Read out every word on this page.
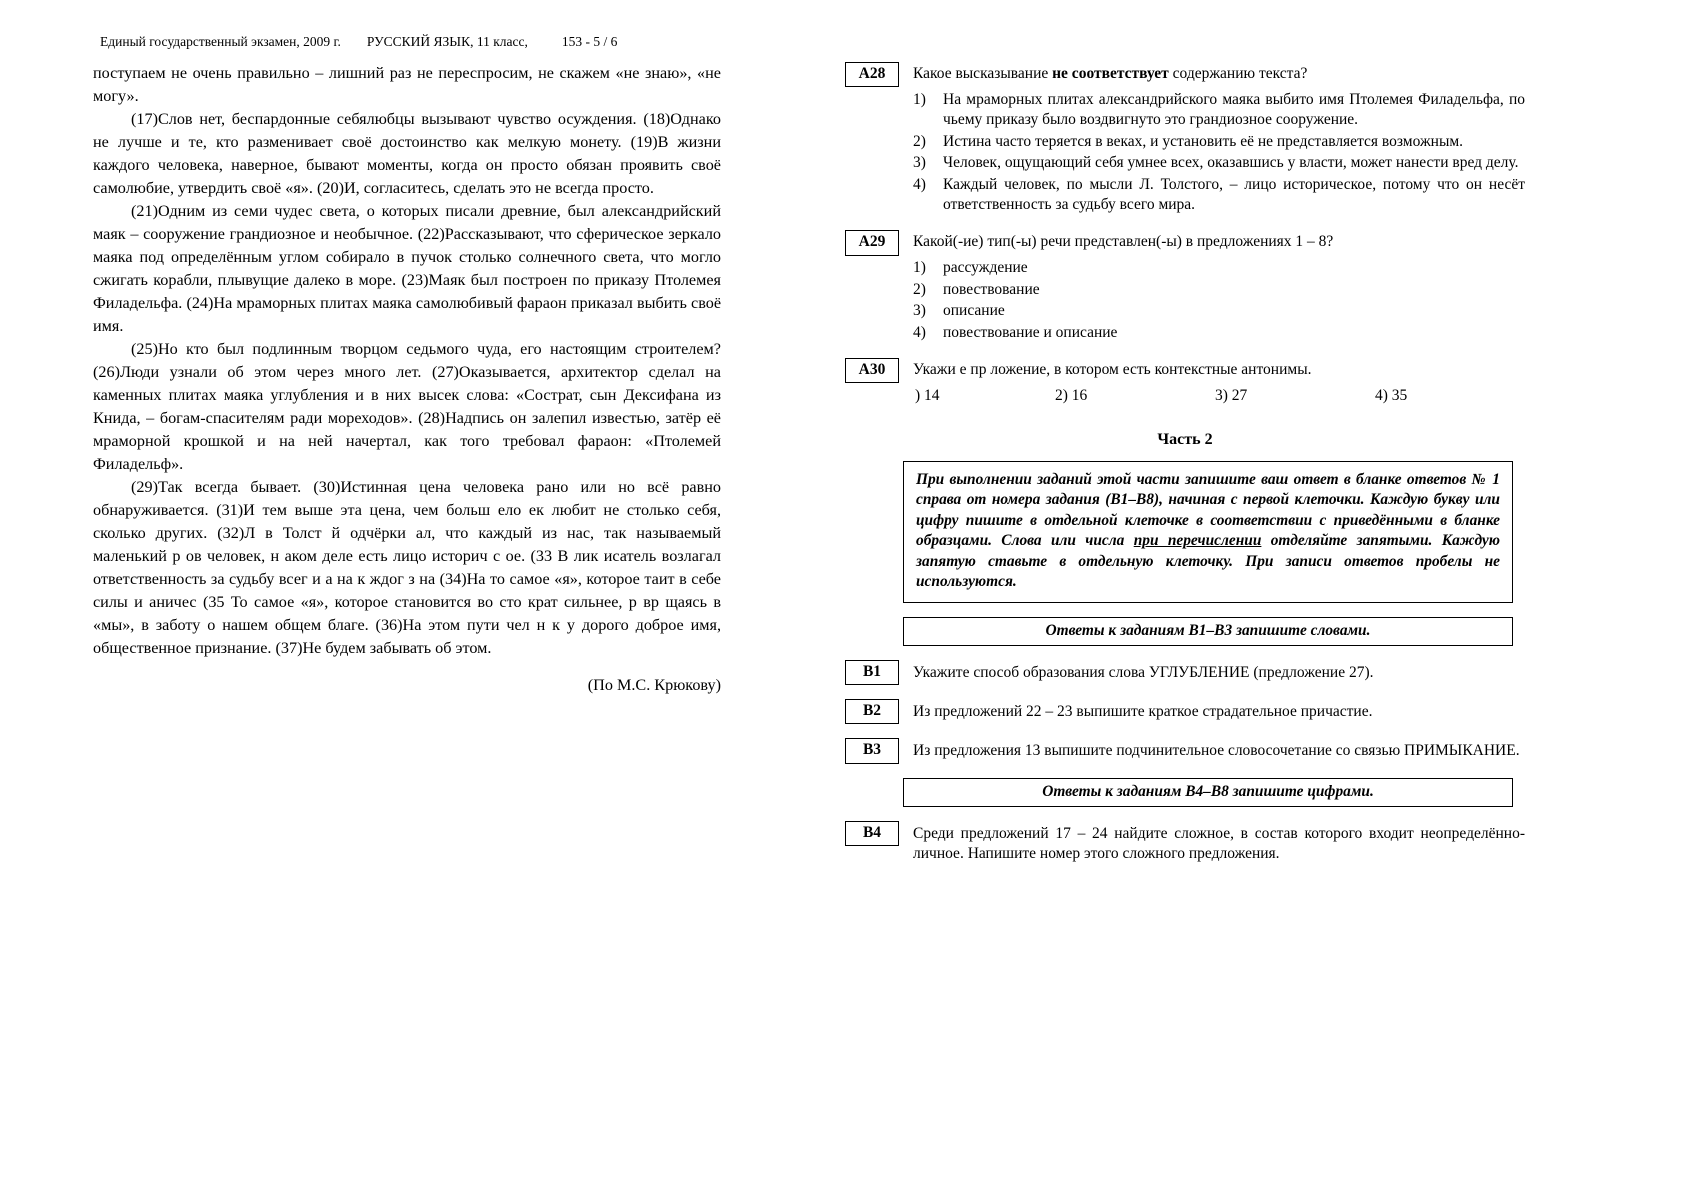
Единый государственный экзамен, 2009 г. РУССКИЙ ЯЗЫК, 11 класс,	153 - 5 / 6

поступаем не очень правильно – лишний раз не переспросим, не скажем «не знаю», «не могу».

(17)Слов нет, беспардонные себялюбцы вызывают чувство осуждения. (18)Однако не лучше и те, кто разменивает своё достоинство как мелкую монету. (19)В жизни каждого человека, наверное, бывают моменты, когда он просто обязан проявить своё самолюбие, утвердить своё «я». (20)И, согласитесь, сделать это не всегда просто.

(21)Одним из семи чудес света, о которых писали древние, был александрийский маяк – сооружение грандиозное и необычное. (22)Рассказывают, что сферическое зеркало маяка под определённым углом собирало в пучок столько солнечного света, что могло сжигать корабли, плывущие далеко в море. (23)Маяк был построен по приказу Птолемея Филадельфа. (24)На мраморных плитах маяка самолюбивый фараон приказал выбить своё имя.

(25)Но кто был подлинным творцом седьмого чуда, его настоящим строителем? (26)Люди узнали об этом через много лет. (27)Оказывается, архитектор сделал на каменных плитах маяка углубления и в них высек слова: «Сострат, сын Дексифана из Книда, – богам-спасителям ради мореходов». (28)Надпись он залепил известью, затёр её мраморной крошкой и на ней начертал, как того требовал фараон: «Птолемей Филадельф».

(29)Так всегда бывает. (30)Истинная цена человека рано или но всё равно обнаруживается. (31)И тем выше эта цена, чем больш ело ек любит не столько себя, сколько других. (32)Л в Толст й одчёрки ал, что каждый из нас, так называемый маленький р ов человек, н аком деле есть лицо историч с ое. (33 В лик исатель возлагал ответственность за судьбу всег и а на к ждог з на (34)На то самое «я», которое таит в себе силы и аничес (35 То самое «я», которое становится во сто крат сильнее, р вр щаясь в «мы», в заботу о нашем общем благе. (36)На этом пути чел н к у дорого доброе имя, общественное признание. (37)Не будем забывать об этом.

(По М.С. Крюкову)
A28	Какое высказывание не соответствует содержанию текста?
1)	На мраморных плитах александрийского маяка выбито имя Птолемея Филадельфа, по чьему приказу было воздвигнуто это грандиозное сооружение.
2)	Истина часто теряется в веках, и установить её не представляется возможным.
3)	Человек, ощущающий себя умнее всех, оказавшись у власти, может нанести вред делу.
4)	Каждый человек, по мысли Л. Толстого, – лицо историческое, потому что он несёт ответственность за судьбу всего мира.
A29	Какой(-ие) тип(-ы) речи представлен(-ы) в предложениях 1 – 8?
1)	рассуждение
2)	повествование
3)	описание
4)	повествование и описание
A30	Укажи е пр ложение, в котором есть контекстные антонимы.
) 14	2) 16	3) 27	4) 35
Часть 2
При выполнении заданий этой части запишите ваш ответ в бланке ответов № 1 справа от номера задания (В1–В8), начиная с первой клеточки. Каждую букву или цифру пишите в отдельной клеточке в соответствии с приведёнными в бланке образцами. Слова или числа при перечислении отделяйте запятыми. Каждую запятую ставьте в отдельную клеточку. При записи ответов пробелы не используются.
Ответы к заданиям В1–В3 запишите словами.
B1	Укажите способ образования слова УГЛУБЛЕНИЕ (предложение 27).
B2	Из предложений 22 – 23 выпишите краткое страдательное причастие.
B3	Из предложения 13 выпишите подчинительное словосочетание со связью ПРИМЫКАНИЕ.
Ответы к заданиям В4–В8 запишите цифрами.
B4	Среди предложений 17 – 24 найдите сложное, в состав которого входит неопределённо-личное. Напишите номер этого сложного предложения.
